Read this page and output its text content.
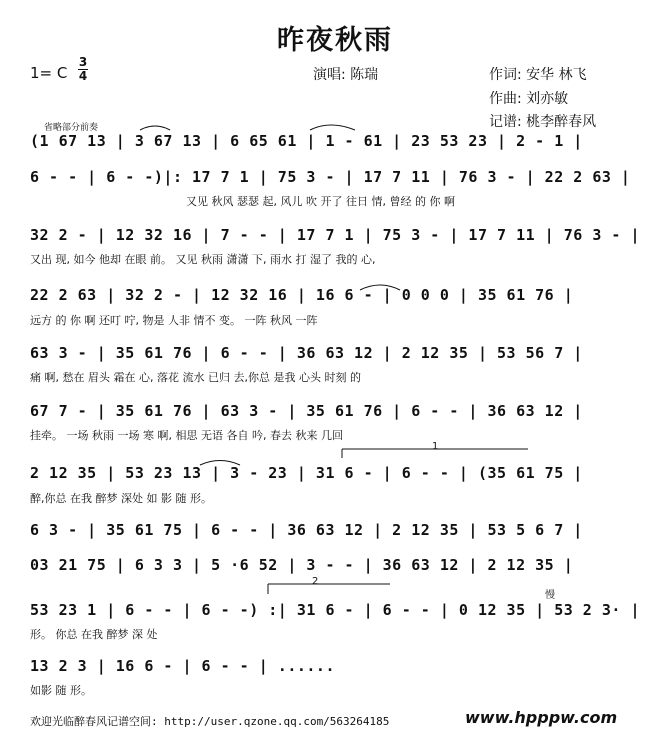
昨夜秋雨
1= C
3
4	演唱: 陈瑞	作词: 安华 林飞
作曲: 刘亦敏
记谱: 桃李醉春风
省略部分前奏
1
2
慢
(1 67 13 | 3 67 13 | 6 65 61 | 1 - 61 | 23 53 23 | 2 - 1 |
6 - - | 6 - -)|: 17 7 1 | 75 3 - | 17 7 11 | 76 3 - | 22 2 63 |
又见 秋风 瑟瑟 起, 风儿 吹 开了 往日 情, 曾经 的 你 啊
32 2 - | 12 32 16 | 7 - - | 17 7 1 | 75 3 - | 17 7 11 | 76 3 - |
又出 现, 如今 他却 在眼 前。 又见 秋雨 潇潇 下, 雨水 打 湿了 我的 心,
22 2 63 | 32 2 - | 12 32 16 | 16 6 - | 0 0 0 | 35 61 76 |
远方 的 你 啊 还叮 咛, 物是 人非 情不 变。 一阵 秋风 一阵
63 3 - | 35 61 76 | 6 - - | 36 63 12 | 2 12 35 | 53 56 7 |
痛 啊, 愁在 眉头 霜在 心, 落花 流水 已归 去,你总 是我 心头 时刻 的
67 7 - | 35 61 76 | 63 3 - | 35 61 76 | 6 - - | 36 63 12 |
挂牵。 一场 秋雨 一场 寒 啊, 相思 无语 各自 吟, 春去 秋来 几回
2 12 35 | 53 23 13 | 3 - 23 | 31 6 - | 6 - - | (35 61 75 |
醉,你总 在我 醉梦 深处 如 影 随 形。
6 3 - | 35 61 75 | 6 - - | 36 63 12 | 2 12 35 | 53 5 6 7 |
03 21 75 | 6 3 3 | 5 ·6 52 | 3 - - | 36 63 12 | 2 12 35 |
53 23 1 | 6 - - | 6 - -) :| 31 6 - | 6 - - | 0 12 35 | 53 2 3· |
形。 你总 在我 醉梦 深 处
13 2 3 | 16 6 - | 6 - - | ......
如影 随 形。
欢迎光临醉春风记谱空间: http://user.qzone.qq.com/563264185	www.hpppw.com
